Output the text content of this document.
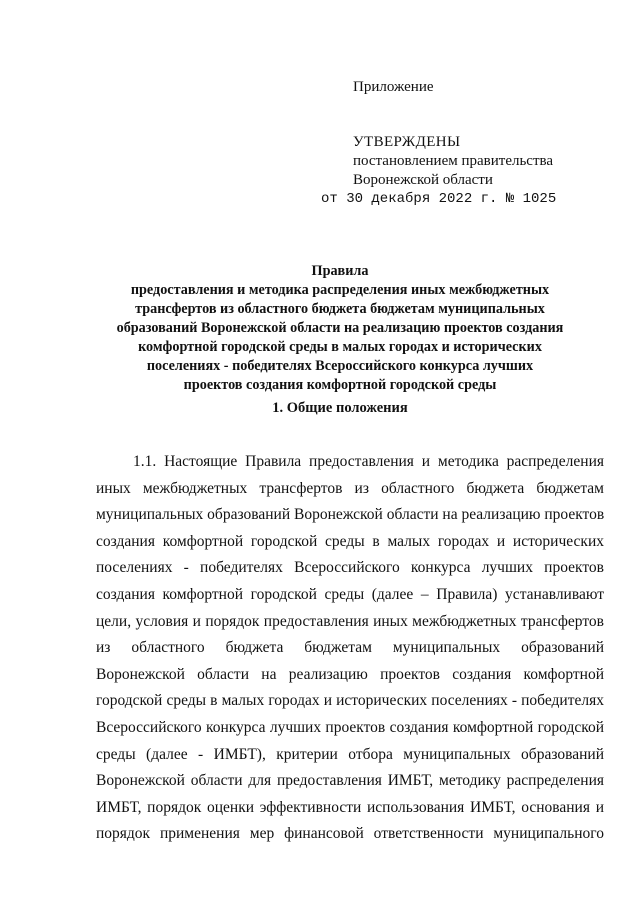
Приложение
УТВЕРЖДЕНЫ
постановлением правительства
Воронежской области
от 30 декабря 2022 г. № 1025
Правила
предоставления и методика распределения иных межбюджетных
трансфертов из областного бюджета бюджетам муниципальных
образований Воронежской области на реализацию проектов создания
комфортной городской среды в малых городах и исторических
поселениях - победителях Всероссийского конкурса лучших
проектов создания комфортной городской среды
1. Общие положения
1.1. Настоящие Правила предоставления и методика распределения
иных межбюджетных трансфертов из областного бюджета бюджетам
муниципальных образований Воронежской области на реализацию проектов
создания комфортной городской среды в малых городах и исторических
поселениях - победителях Всероссийского конкурса лучших проектов
создания комфортной городской среды (далее – Правила) устанавливают
цели, условия и порядок предоставления иных межбюджетных трансфертов
из областного бюджета бюджетам муниципальных образований
Воронежской области на реализацию проектов создания комфортной
городской среды в малых городах и исторических поселениях - победителях
Всероссийского конкурса лучших проектов создания комфортной городской
среды (далее - ИМБТ), критерии отбора муниципальных образований
Воронежской области для предоставления ИМБТ, методику распределения
ИМБТ, порядок оценки эффективности использования ИМБТ, основания и
порядок применения мер финансовой ответственности муниципального
